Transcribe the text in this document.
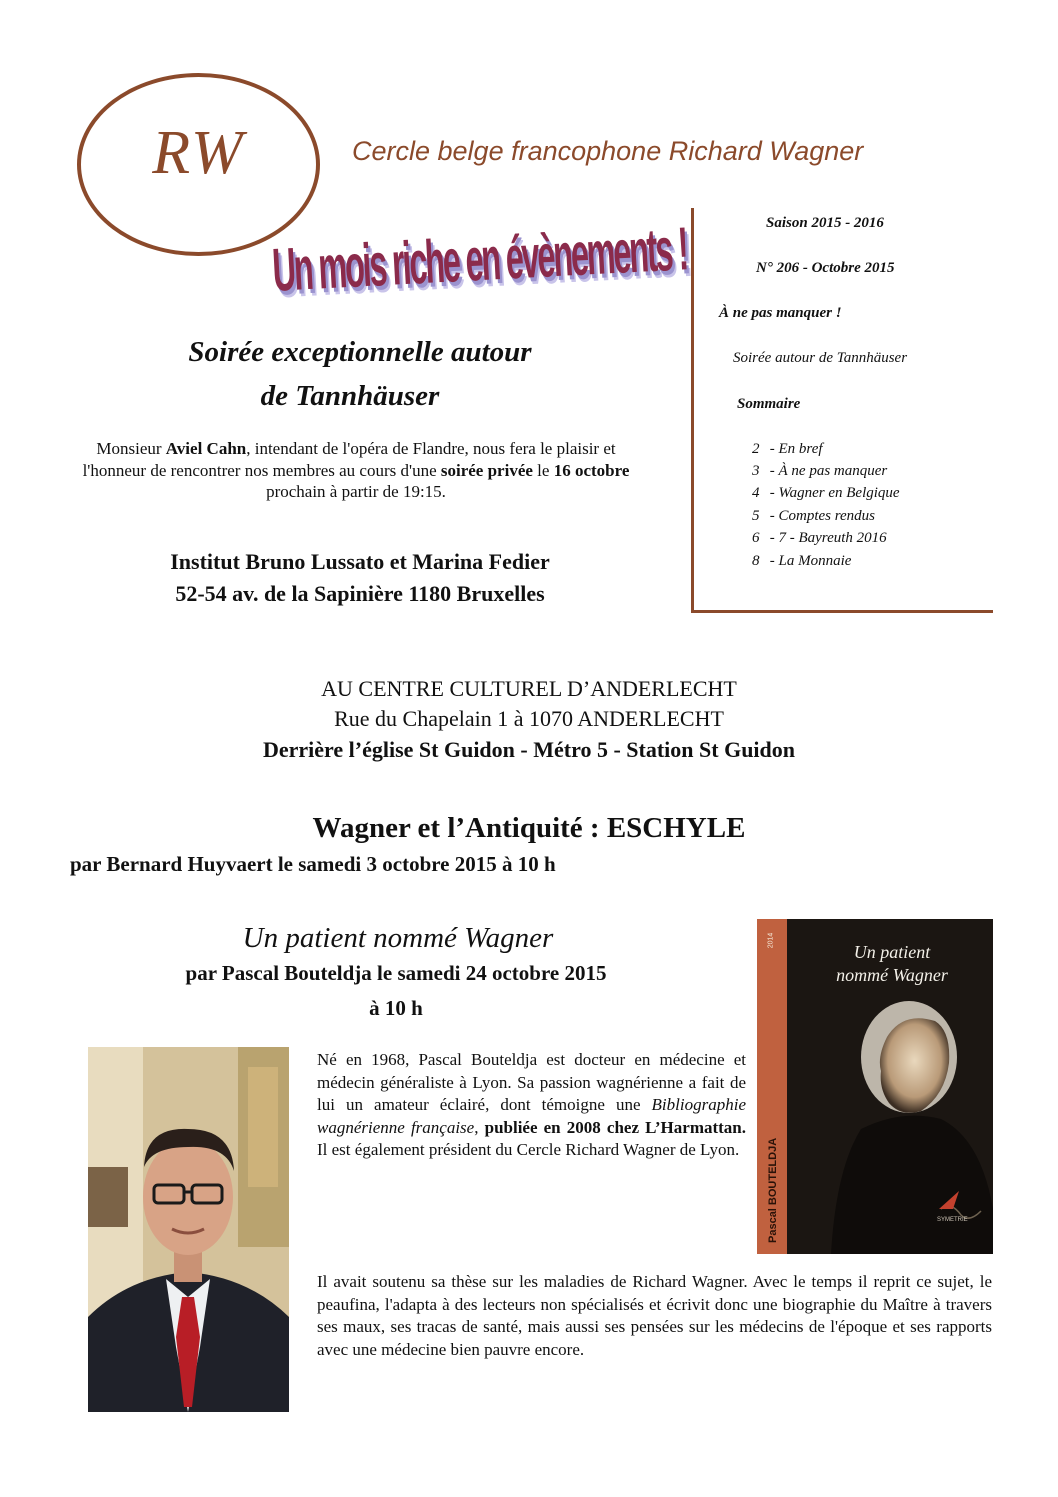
RW	Cercle belge francophone Richard Wagner
Un mois riche en évènements !	Saison 2015 - 2016
N° 206 - Octobre 2015
À ne pas manquer !
Soirée autour de Tannhäuser
Sommaire
2 - En bref
3 - À ne pas manquer
4 - Wagner en Belgique
5 - Comptes rendus
6 - 7 - Bayreuth 2016
8 - La Monnaie
Soirée exceptionnelle autour
de Tannhäuser
Monsieur Aviel Cahn, intendant de l'opéra de Flandre, nous fera le plaisir et l'honneur de rencontrer nos membres au cours d'une soirée privée le 16 octobre prochain à partir de 19:15.
Institut Bruno Lussato et Marina Fedier
52-54 av. de la Sapinière 1180 Bruxelles
AU CENTRE CULTUREL D’ANDERLECHT
Rue du Chapelain 1 à 1070 ANDERLECHT
Derrière l’église St Guidon - Métro 5 - Station St Guidon
Wagner et l’Antiquité : ESCHYLE
par Bernard Huyvaert le samedi 3 octobre 2015 à 10 h
Un patient nommé Wagner
par Pascal Bouteldja le samedi 24 octobre 2015
à 10 h
2014
Pascal BOUTELDJA
Un patient
nommé Wagner
SYMETRIE
Né en 1968, Pascal Bouteldja est docteur en médecine et médecin généraliste à Lyon. Sa passion wagnérienne a fait de lui un amateur éclairé, dont témoigne une Bibliographie wagnérienne française, publiée en 2008 chez L’Harmattan. Il est également président du Cercle Richard Wagner de Lyon.
Il avait soutenu sa thèse sur les maladies de Richard Wagner. Avec le temps il reprit ce sujet, le peaufina, l'adapta à des lecteurs non spécialisés et écrivit donc une biographie du Maître à travers ses maux, ses tracas de santé, mais aussi ses pensées sur les médecins de l'époque et ses rapports avec une médecine bien pauvre encore.
